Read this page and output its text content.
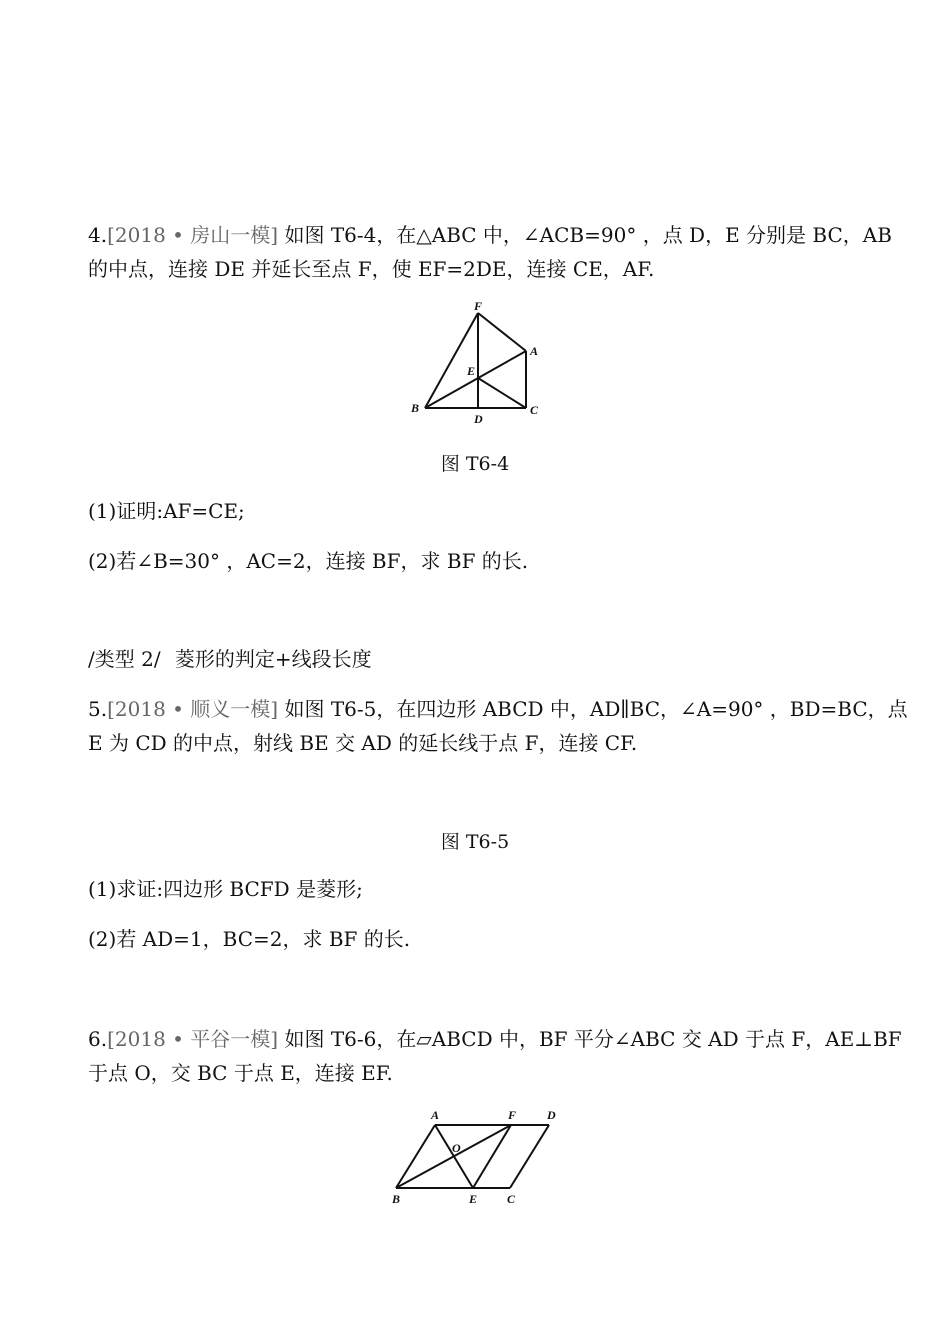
4.[2018 • 房山一模] 如图 T6-4，在△ABC 中，∠ACB=90° ，点 D，E 分别是 BC，AB
的中点，连接 DE 并延长至点 F，使 EF=2DE，连接 CE，AF.
F
A
E
B
D
C
图 T6-4
(1)证明:AF=CE;
(2)若∠B=30° ，AC=2，连接 BF，求 BF 的长.
/类型 2/ 菱形的判定+线段长度
5.[2018 • 顺义一模] 如图 T6-5，在四边形 ABCD 中，AD∥BC，∠A=90° ，BD=BC，点
E 为 CD 的中点，射线 BE 交 AD 的延长线于点 F，连接 CF.
图 T6-5
(1)求证:四边形 BCFD 是菱形;
(2)若 AD=1，BC=2，求 BF 的长.
6.[2018 • 平谷一模] 如图 T6-6，在▱ABCD 中，BF 平分∠ABC 交 AD 于点 F，AE⊥BF
于点 O，交 BC 于点 E，连接 EF.
A	F	D
O
B	E C
